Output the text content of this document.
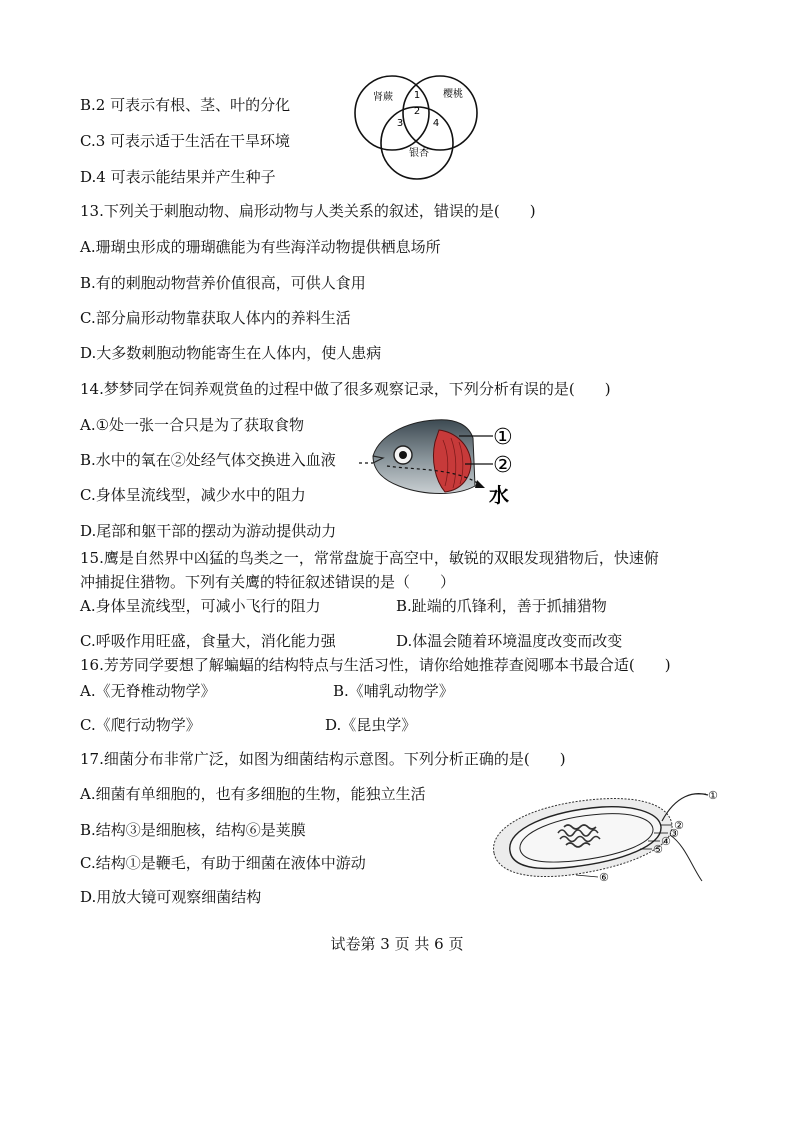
B.2 可表示有根、茎、叶的分化
C.3 可表示适于生活在干旱环境
D.4 可表示能结果并产生种子
肾蕨	樱桃
银杏
1
2
3	4
13.下列关于刺胞动物、扁形动物与人类关系的叙述，错误的是(　　)
A.珊瑚虫形成的珊瑚礁能为有些海洋动物提供栖息场所
B.有的刺胞动物营养价值很高，可供人食用
C.部分扁形动物靠获取人体内的养料生活
D.大多数刺胞动物能寄生在人体内，使人患病
14.梦梦同学在饲养观赏鱼的过程中做了很多观察记录，下列分析有误的是(　　)
A.①处一张一合只是为了获取食物
B.水中的氧在②处经气体交换进入血液
C.身体呈流线型，减少水中的阻力
D.尾部和躯干部的摆动为游动提供动力
①
②
水
15.鹰是自然界中凶猛的鸟类之一，常常盘旋于高空中，敏锐的双眼发现猎物后，快速俯
冲捕捉住猎物。下列有关鹰的特征叙述错误的是（　　）
A.身体呈流线型，可减小飞行的阻力	B.趾端的爪锋利，善于抓捕猎物
C.呼吸作用旺盛，食量大，消化能力强	D.体温会随着环境温度改变而改变
16.芳芳同学要想了解蝙蝠的结构特点与生活习性，请你给她推荐查阅哪本书最合适(　　)
A.《无脊椎动物学》	B.《哺乳动物学》
C.《爬行动物学》	D.《昆虫学》
17.细菌分布非常广泛，如图为细菌结构示意图。下列分析正确的是(　　)
A.细菌有单细胞的，也有多细胞的生物，能独立生活
B.结构③是细胞核，结构⑥是荚膜
C.结构①是鞭毛，有助于细菌在液体中游动
D.用放大镜可观察细菌结构
①
②
③
④
⑤
⑥
试卷第 3 页 共 6 页
